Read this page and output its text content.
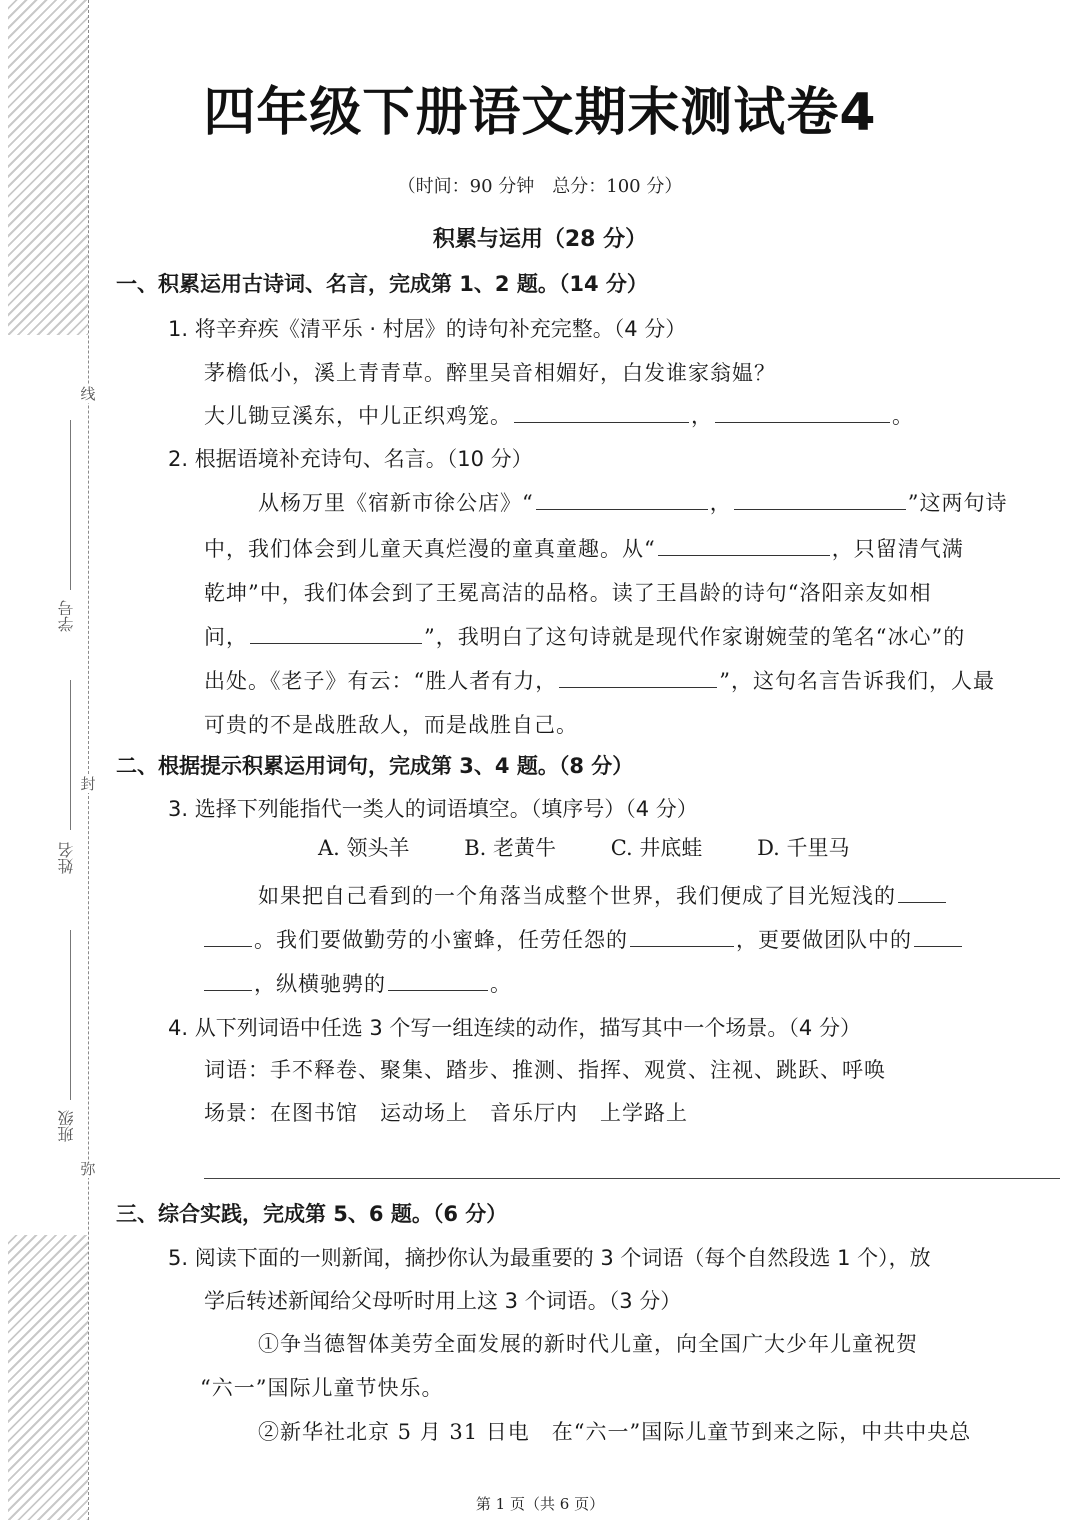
线
封
弥
学号
姓名
班级
四年级下册语文期末测试卷4
（时间：90 分钟　总分：100 分）
积累与运用（28 分）
一、积累运用古诗词、名言，完成第 1、2 题。（14 分）
1. 将辛弃疾《清平乐 · 村居》的诗句补充完整。（4 分）
茅檐低小，溪上青青草。醉里吴音相媚好，白发谁家翁媪？
大儿锄豆溪东，中儿正织鸡笼。	，	。
2. 根据语境补充诗句、名言。（10 分）
从杨万里《宿新市徐公店》“	，	”这两句诗
中，我们体会到儿童天真烂漫的童真童趣。从“	，只留清气满
乾坤”中，我们体会到了王冕高洁的品格。读了王昌龄的诗句“洛阳亲友如相
问，	”，我明白了这句诗就是现代作家谢婉莹的笔名“冰心”的
出处。《老子》有云：“胜人者有力，	”，这句名言告诉我们，人最
可贵的不是战胜敌人，而是战胜自己。
二、根据提示积累运用词句，完成第 3、4 题。（8 分）
3. 选择下列能指代一类人的词语填空。（填序号）（4 分）
A. 领头羊	B. 老黄牛	C. 井底蛙	D. 千里马
如果把自己看到的一个角落当成整个世界，我们便成了目光短浅的
。我们要做勤劳的小蜜蜂，任劳任怨的	，更要做团队中的
，纵横驰骋的	。
4. 从下列词语中任选 3 个写一组连续的动作，描写其中一个场景。（4 分）
词语：手不释卷、聚集、踏步、推测、指挥、观赏、注视、跳跃、呼唤
场景：在图书馆　运动场上　音乐厅内　上学路上
三、综合实践，完成第 5、6 题。（6 分）
5. 阅读下面的一则新闻，摘抄你认为最重要的 3 个词语（每个自然段选 1 个），放
学后转述新闻给父母听时用上这 3 个词语。（3 分）
①争当德智体美劳全面发展的新时代儿童，向全国广大少年儿童祝贺
“六一”国际儿童节快乐。
②新华社北京 5 月 31 日电　在“六一”国际儿童节到来之际，中共中央总
第 1 页（共 6 页）
